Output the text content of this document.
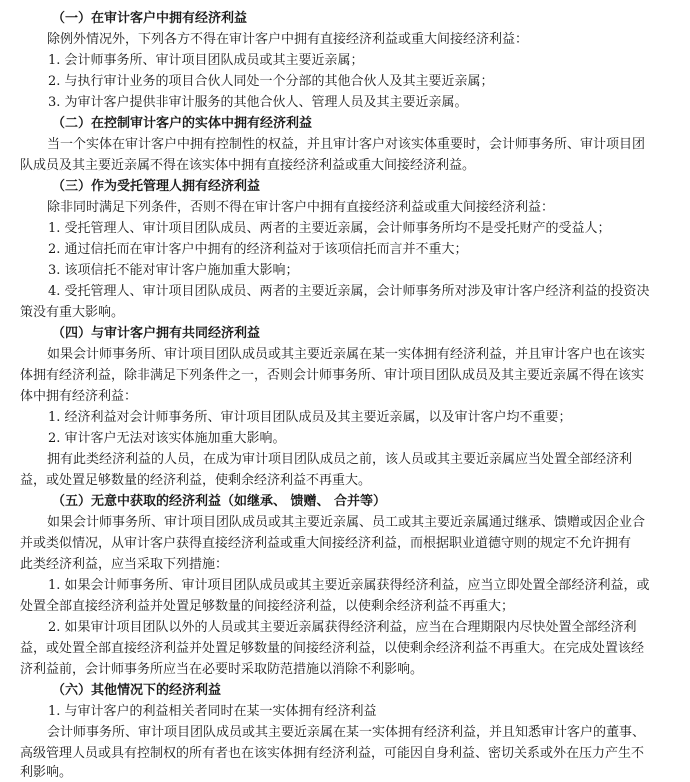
（一）在审计客户中拥有经济利益
除例外情况外，下列各方不得在审计客户中拥有直接经济利益或重大间接经济利益：
1. 会计师事务所、审计项目团队成员或其主要近亲属；
2. 与执行审计业务的项目合伙人同处一个分部的其他合伙人及其主要近亲属；
3. 为审计客户提供非审计服务的其他合伙人、管理人员及其主要近亲属。
（二）在控制审计客户的实体中拥有经济利益
当一个实体在审计客户中拥有控制性的权益，并且审计客户对该实体重要时，会计师事务所、审计项目团
队成员及其主要近亲属不得在该实体中拥有直接经济利益或重大间接经济利益。
（三）作为受托管理人拥有经济利益
除非同时满足下列条件，否则不得在审计客户中拥有直接经济利益或重大间接经济利益：
1. 受托管理人、审计项目团队成员、两者的主要近亲属，会计师事务所均不是受托财产的受益人；
2. 通过信托而在审计客户中拥有的经济利益对于该项信托而言并不重大；
3. 该项信托不能对审计客户施加重大影响；
4. 受托管理人、审计项目团队成员、两者的主要近亲属，会计师事务所对涉及审计客户经济利益的投资决
策没有重大影响。
（四）与审计客户拥有共同经济利益
如果会计师事务所、审计项目团队成员或其主要近亲属在某一实体拥有经济利益，并且审计客户也在该实
体拥有经济利益，除非满足下列条件之一，否则会计师事务所、审计项目团队成员及其主要近亲属不得在该实
体中拥有经济利益：
1. 经济利益对会计师事务所、审计项目团队成员及其主要近亲属，以及审计客户均不重要；
2. 审计客户无法对该实体施加重大影响。
拥有此类经济利益的人员，在成为审计项目团队成员之前，该人员或其主要近亲属应当处置全部经济利
益，或处置足够数量的经济利益，使剩余经济利益不再重大。
（五）无意中获取的经济利益（如继承、 馈赠、 合并等）
如果会计师事务所、审计项目团队成员或其主要近亲属、员工或其主要近亲属通过继承、馈赠或因企业合
并或类似情况，从审计客户获得直接经济利益或重大间接经济利益，而根据职业道德守则的规定不允许拥有
此类经济利益，应当采取下列措施：
1. 如果会计师事务所、审计项目团队成员或其主要近亲属获得经济利益，应当立即处置全部经济利益，或
处置全部直接经济利益并处置足够数量的间接经济利益，以使剩余经济利益不再重大；
2. 如果审计项目团队以外的人员或其主要近亲属获得经济利益，应当在合理期限内尽快处置全部经济利
益，或处置全部直接经济利益并处置足够数量的间接经济利益，以使剩余经济利益不再重大。在完成处置该经
济利益前，会计师事务所应当在必要时采取防范措施以消除不利影响。
（六）其他情况下的经济利益
1. 与审计客户的利益相关者同时在某一实体拥有经济利益
会计师事务所、审计项目团队成员或其主要近亲属在某一实体拥有经济利益，并且知悉审计客户的董事、
高级管理人员或具有控制权的所有者也在该实体拥有经济利益，可能因自身利益、密切关系或外在压力产生不
利影响。
